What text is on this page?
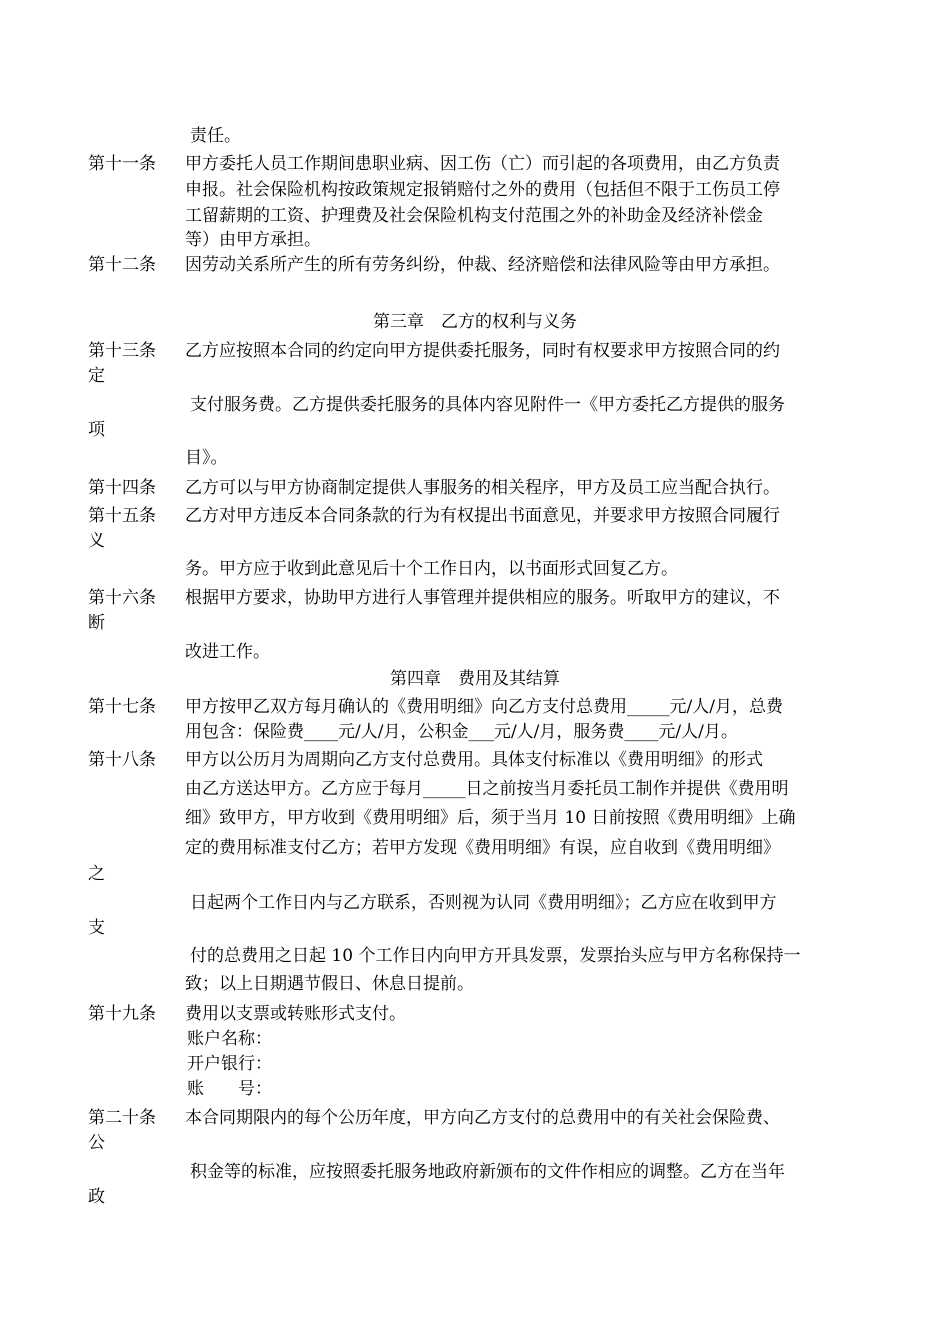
责任。
第十一条 甲方委托人员工作期间患职业病、因工伤（亡）而引起的各项费用，由乙方负责
申报。社会保险机构按政策规定报销赔付之外的费用（包括但不限于工伤员工停
工留薪期的工资、护理费及社会保险机构支付范围之外的补助金及经济补偿金
等）由甲方承担。
第十二条 因劳动关系所产生的所有劳务纠纷，仲裁、经济赔偿和法律风险等由甲方承担。
第三章　乙方的权利与义务
第十三条 乙方应按照本合同的约定向甲方提供委托服务，同时有权要求甲方按照合同的约
定
支付服务费。乙方提供委托服务的具体内容见附件一《甲方委托乙方提供的服务
项
目》。
第十四条 乙方可以与甲方协商制定提供人事服务的相关程序，甲方及员工应当配合执行。
第十五条 乙方对甲方违反本合同条款的行为有权提出书面意见，并要求甲方按照合同履行
义
务。甲方应于收到此意见后十个工作日内，以书面形式回复乙方。
第十六条 根据甲方要求，协助甲方进行人事管理并提供相应的服务。听取甲方的建议，不
断
改进工作。
第四章　费用及其结算
第十七条 甲方按甲乙双方每月确认的《费用明细》向乙方支付总费用_____元/人/月，总费
用包含：保险费____元/人/月，公积金___元/人/月，服务费____元/人/月。
第十八条 甲方以公历月为周期向乙方支付总费用。具体支付标准以《费用明细》的形式
由乙方送达甲方。乙方应于每月_____日之前按当月委托员工制作并提供《费用明
细》致甲方，甲方收到《费用明细》后，须于当月 10 日前按照《费用明细》上确
定的费用标准支付乙方；若甲方发现《费用明细》有误，应自收到《费用明细》
之
日起两个工作日内与乙方联系，否则视为认同《费用明细》；乙方应在收到甲方
支
付的总费用之日起 10 个工作日内向甲方开具发票，发票抬头应与甲方名称保持一
致；以上日期遇节假日、休息日提前。
第十九条 费用以支票或转账形式支付。
账户名称：
开户银行：
账　　号：
第二十条 本合同期限内的每个公历年度，甲方向乙方支付的总费用中的有关社会保险费、
公
积金等的标准，应按照委托服务地政府新颁布的文件作相应的调整。乙方在当年
政
